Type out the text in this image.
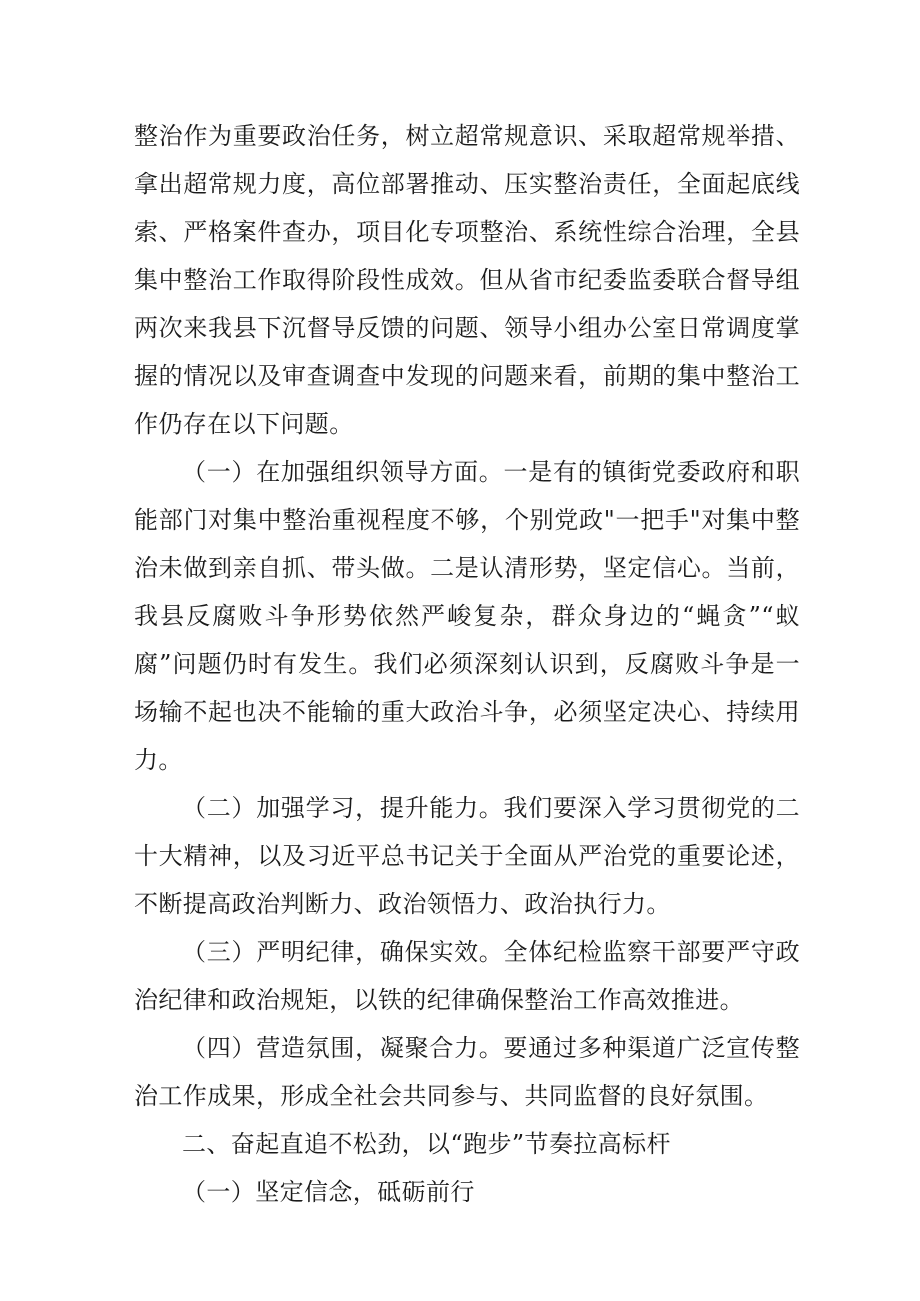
整治作为重要政治任务，树立超常规意识、采取超常规举措、拿出超常规力度，高位部署推动、压实整治责任，全面起底线索、严格案件查办，项目化专项整治、系统性综合治理，全县集中整治工作取得阶段性成效。但从省市纪委监委联合督导组两次来我县下沉督导反馈的问题、领导小组办公室日常调度掌握的情况以及审查调查中发现的问题来看，前期的集中整治工作仍存在以下问题。

（一）在加强组织领导方面。一是有的镇街党委政府和职能部门对集中整治重视程度不够，个别党政"一把手"对集中整治未做到亲自抓、带头做。二是认清形势，坚定信心。当前，我县反腐败斗争形势依然严峻复杂，群众身边的“蝇贪”“蚁腐”问题仍时有发生。我们必须深刻认识到，反腐败斗争是一场输不起也决不能输的重大政治斗争，必须坚定决心、持续用力。

（二）加强学习，提升能力。我们要深入学习贯彻党的二十大精神，以及习近平总书记关于全面从严治党的重要论述，不断提高政治判断力、政治领悟力、政治执行力。

（三）严明纪律，确保实效。全体纪检监察干部要严守政治纪律和政治规矩，以铁的纪律确保整治工作高效推进。

（四）营造氛围，凝聚合力。要通过多种渠道广泛宣传整治工作成果，形成全社会共同参与、共同监督的良好氛围。

二、奋起直追不松劲，以“跑步”节奏拉高标杆

（一）坚定信念，砥砺前行
